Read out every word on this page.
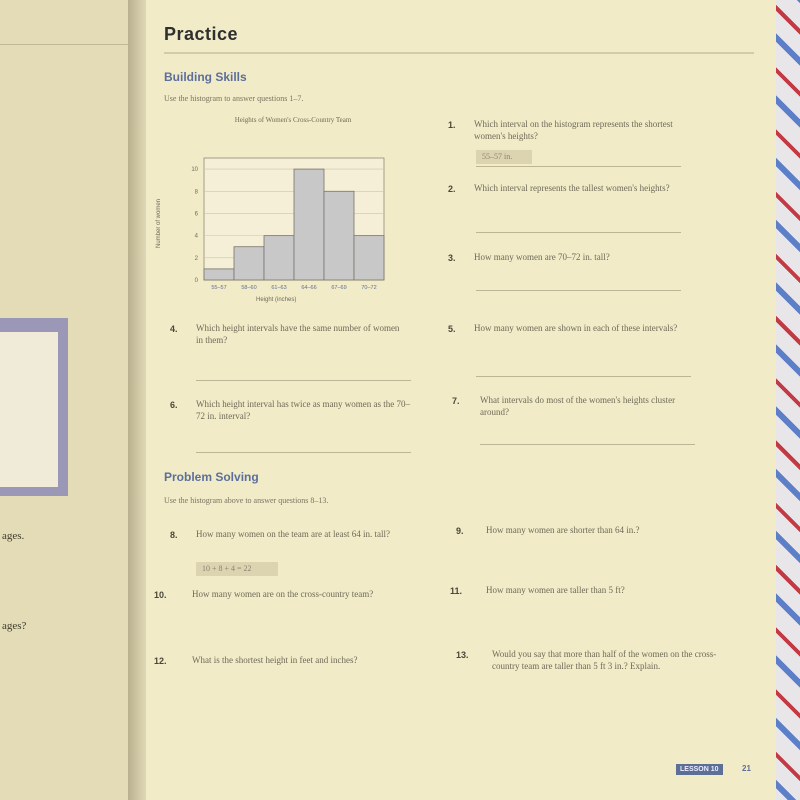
ages.
ages?
Practice
Building Skills
Use the histogram to answer questions 1–7.
Heights of Women's Cross-Country Team
0
2
4
6
8
10
55–57	58–60	61–63	64–66	67–69	70–72
Number of women
Height (inches)
1. Which interval on the histogram represents the shortest women's heights?
55–57 in.
2. Which interval represents the tallest women's heights?
3. How many women are 70–72 in. tall?
4. Which height intervals have the same number of women in them?
5. How many women are shown in each of these intervals?
6. Which height interval has twice as many women as the 70–72 in. interval?
7. What intervals do most of the women's heights cluster around?
Problem Solving
Use the histogram above to answer questions 8–13.
8. How many women on the team are at least 64 in. tall?
10 + 8 + 4 = 22
9. How many women are shorter than 64 in.?
10.	How many women are on the cross-country team?	11.	How many women are taller than 5 ft?
12.	What is the shortest height in feet and inches?	13.	Would you say that more than half of the women on the cross-country team are taller than 5 ft 3 in.? Explain.
LESSON 10	21
